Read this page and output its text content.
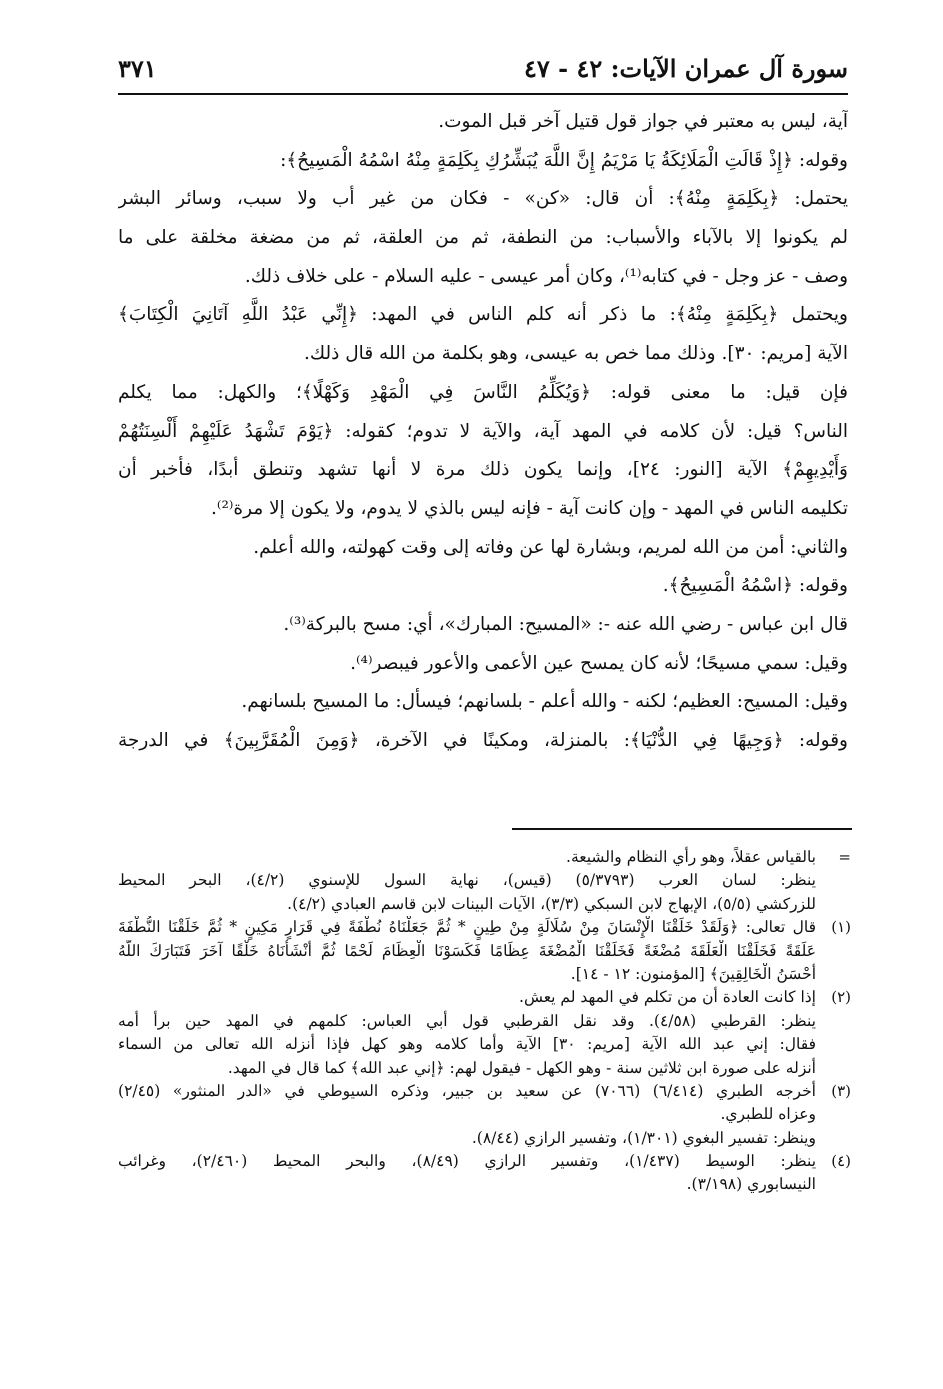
سورة آل عمران الآيات: ٤٢ - ٤٧
٣٧١
آية، ليس به معتبر في جواز قول قتيل آخر قبل الموت.
وقوله: ﴿إِذْ قَالَتِ الْمَلَائِكَةُ يَا مَرْيَمُ إِنَّ اللَّهَ يُبَشِّرُكِ بِكَلِمَةٍ مِنْهُ اسْمُهُ الْمَسِيحُ﴾:
يحتمل: ﴿بِكَلِمَةٍ مِنْهُ﴾: أن قال: «كن» - فكان من غير أب ولا سبب، وسائر البشر
لم يكونوا إلا بالآباء والأسباب: من النطفة، ثم من العلقة، ثم من مضغة مخلقة على ما
وصف - عز وجل - في كتابه⁽¹⁾، وكان أمر عيسى - عليه السلام - على خلاف ذلك.
ويحتمل ﴿بِكَلِمَةٍ مِنْهُ﴾: ما ذكر أنه كلم الناس في المهد: ﴿إِنِّي عَبْدُ اللَّهِ آتَانِيَ الْكِتَابَ﴾
الآية [مريم: ٣٠]. وذلك مما خص به عيسى، وهو بكلمة من الله قال ذلك.
فإن قيل: ما معنى قوله: ﴿وَيُكَلِّمُ النَّاسَ فِي الْمَهْدِ وَكَهْلًا﴾؛ والكهل: مما يكلم
الناس؟ قيل: لأن كلامه في المهد آية، والآية لا تدوم؛ كقوله: ﴿يَوْمَ تَشْهَدُ عَلَيْهِمْ أَلْسِنَتُهُمْ
وَأَيْدِيهِمْ﴾ الآية [النور: ٢٤]، وإنما يكون ذلك مرة لا أنها تشهد وتنطق أبدًا، فأخبر أن
تكليمه الناس في المهد - وإن كانت آية - فإنه ليس بالذي لا يدوم، ولا يكون إلا مرة⁽²⁾.
والثاني: أمن من الله لمريم، وبشارة لها عن وفاته إلى وقت كهولته، والله أعلم.
وقوله: ﴿اسْمُهُ الْمَسِيحُ﴾.
قال ابن عباس - رضي الله عنه -: «المسيح: المبارك»، أي: مسح بالبركة⁽³⁾.
وقيل: سمي مسيحًا؛ لأنه كان يمسح عين الأعمى والأعور فيبصر⁽⁴⁾.
وقيل: المسيح: العظيم؛ لكنه - والله أعلم - بلسانهم؛ فيسأل: ما المسيح بلسانهم.
وقوله: ﴿وَجِيهًا فِي الدُّنْيَا﴾: بالمنزلة، ومكينًا في الآخرة، ﴿وَمِنَ الْمُقَرَّبِينَ﴾ في الدرجة
=
بالقياس عقلاً، وهو رأي النظام والشيعة.
ينظر: لسان العرب (٥/٣٧٩٣) (قيس)، نهاية السول للإسنوي (٤/٢)، البحر المحيط
للزركشي (٥/٥)، الإبهاج لابن السبكي (٣/٣)، الآيات البينات لابن قاسم العبادي (٤/٢).
(١)
قال تعالى: ﴿وَلَقَدْ خَلَقْنَا الْإِنْسَانَ مِنْ سُلَالَةٍ مِنْ طِينٍ * ثُمَّ جَعَلْنَاهُ نُطْفَةً فِي قَرَارٍ مَكِينٍ * ثُمَّ خَلَقْنَا النُّطْفَةَ
عَلَقَةً فَخَلَقْنَا الْعَلَقَةَ مُضْغَةً فَخَلَقْنَا الْمُضْغَةَ عِظَامًا فَكَسَوْنَا الْعِظَامَ لَحْمًا ثُمَّ أَنْشَأْنَاهُ خَلْقًا آخَرَ فَتَبَارَكَ اللَّهُ
أَحْسَنُ الْخَالِقِينَ﴾ [المؤمنون: ١٢ - ١٤].
(٢)
إذا كانت العادة أن من تكلم في المهد لم يعش.
ينظر: القرطبي (٤/٥٨). وقد نقل القرطبي قول أبي العباس: كلمهم في المهد حين برأ أمه
فقال: إني عبد الله الآية [مريم: ٣٠] الآية وأما كلامه وهو كهل فإذا أنزله الله تعالى من السماء
أنزله على صورة ابن ثلاثين سنة - وهو الكهل - فيقول لهم: ﴿إني عبد الله﴾ كما قال في المهد.
(٣)
أخرجه الطبري (٦/٤١٤) (٧٠٦٦) عن سعيد بن جبير، وذكره السيوطي في «الدر المنثور» (٢/٤٥)
وعزاه للطبري.
وينظر: تفسير البغوي (١/٣٠١)، وتفسير الرازي (٨/٤٤).
(٤)
ينظر: الوسيط (١/٤٣٧)، وتفسير الرازي (٨/٤٩)، والبحر المحيط (٢/٤٦٠)، وغرائب
النيسابوري (٣/١٩٨).
